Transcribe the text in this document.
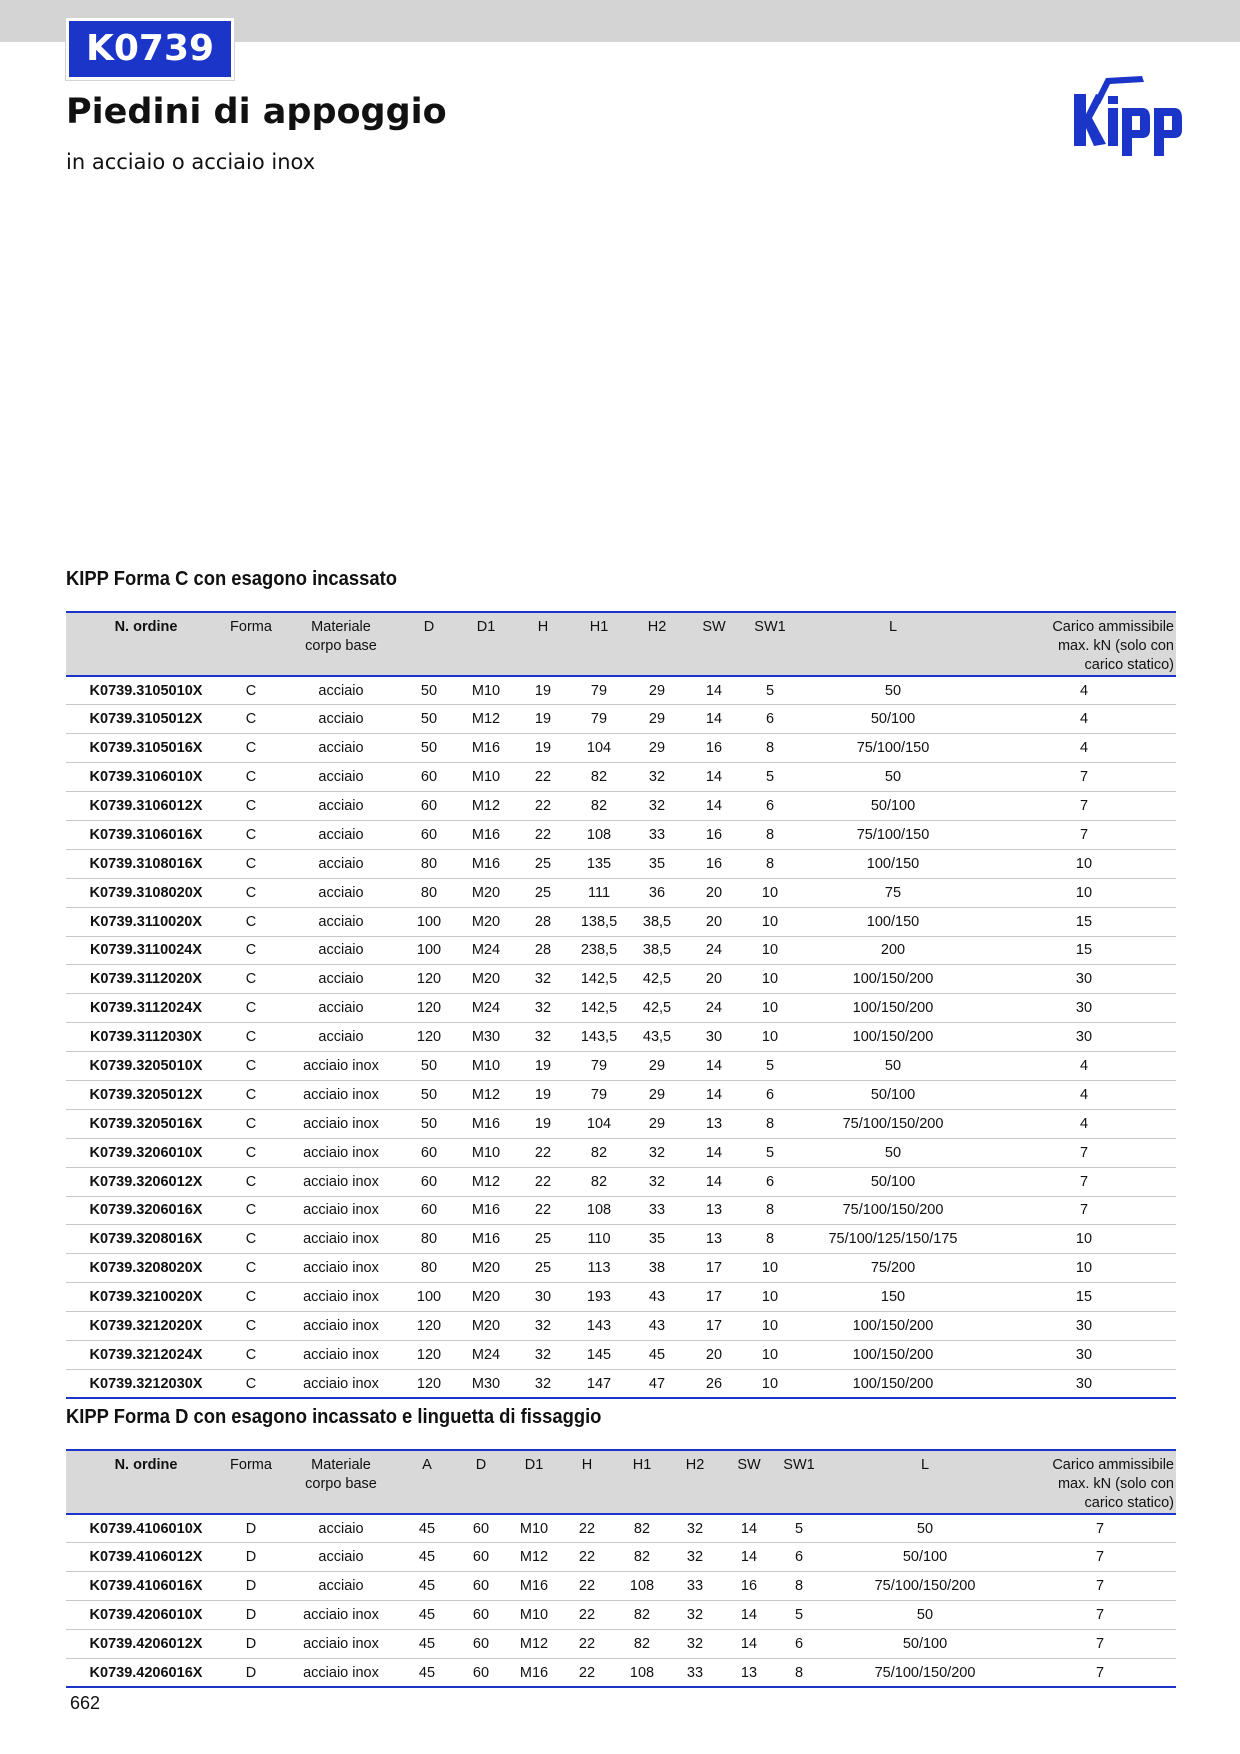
K0739
Piedini di appoggio

in acciaio o acciaio inox

KIPP Forma C con esagono incassato
N. ordine	Forma	Materiale
corpo base	D	D1	H	H1	H2	SW	SW1	L	Carico ammissibile
max. kN (solo con
carico statico)
K0739.3105010X	C	acciaio	50	M10	19	79	29	14	5	50	4
K0739.3105012X	C	acciaio	50	M12	19	79	29	14	6	50/100	4
K0739.3105016X	C	acciaio	50	M16	19	104	29	16	8	75/100/150	4
K0739.3106010X	C	acciaio	60	M10	22	82	32	14	5	50	7
K0739.3106012X	C	acciaio	60	M12	22	82	32	14	6	50/100	7
K0739.3106016X	C	acciaio	60	M16	22	108	33	16	8	75/100/150	7
K0739.3108016X	C	acciaio	80	M16	25	135	35	16	8	100/150	10
K0739.3108020X	C	acciaio	80	M20	25	111	36	20	10	75	10
K0739.3110020X	C	acciaio	100	M20	28	138,5	38,5	20	10	100/150	15
K0739.3110024X	C	acciaio	100	M24	28	238,5	38,5	24	10	200	15
K0739.3112020X	C	acciaio	120	M20	32	142,5	42,5	20	10	100/150/200	30
K0739.3112024X	C	acciaio	120	M24	32	142,5	42,5	24	10	100/150/200	30
K0739.3112030X	C	acciaio	120	M30	32	143,5	43,5	30	10	100/150/200	30
K0739.3205010X	C	acciaio inox	50	M10	19	79	29	14	5	50	4
K0739.3205012X	C	acciaio inox	50	M12	19	79	29	14	6	50/100	4
K0739.3205016X	C	acciaio inox	50	M16	19	104	29	13	8	75/100/150/200	4
K0739.3206010X	C	acciaio inox	60	M10	22	82	32	14	5	50	7
K0739.3206012X	C	acciaio inox	60	M12	22	82	32	14	6	50/100	7
K0739.3206016X	C	acciaio inox	60	M16	22	108	33	13	8	75/100/150/200	7
K0739.3208016X	C	acciaio inox	80	M16	25	110	35	13	8	75/100/125/150/175	10
K0739.3208020X	C	acciaio inox	80	M20	25	113	38	17	10	75/200	10
K0739.3210020X	C	acciaio inox	100	M20	30	193	43	17	10	150	15
K0739.3212020X	C	acciaio inox	120	M20	32	143	43	17	10	100/150/200	30
K0739.3212024X	C	acciaio inox	120	M24	32	145	45	20	10	100/150/200	30
K0739.3212030X	C	acciaio inox	120	M30	32	147	47	26	10	100/150/200	30
KIPP Forma D con esagono incassato e linguetta di fissaggio
N. ordine	Forma	Materiale
corpo base	A	D	D1	H	H1	H2	SW	SW1	L	Carico ammissibile
max. kN (solo con
carico statico)
K0739.4106010X	D	acciaio	45	60	M10	22	82	32	14	5	50	7
K0739.4106012X	D	acciaio	45	60	M12	22	82	32	14	6	50/100	7
K0739.4106016X	D	acciaio	45	60	M16	22	108	33	16	8	75/100/150/200	7
K0739.4206010X	D	acciaio inox	45	60	M10	22	82	32	14	5	50	7
K0739.4206012X	D	acciaio inox	45	60	M12	22	82	32	14	6	50/100	7
K0739.4206016X	D	acciaio inox	45	60	M16	22	108	33	13	8	75/100/150/200	7
662
